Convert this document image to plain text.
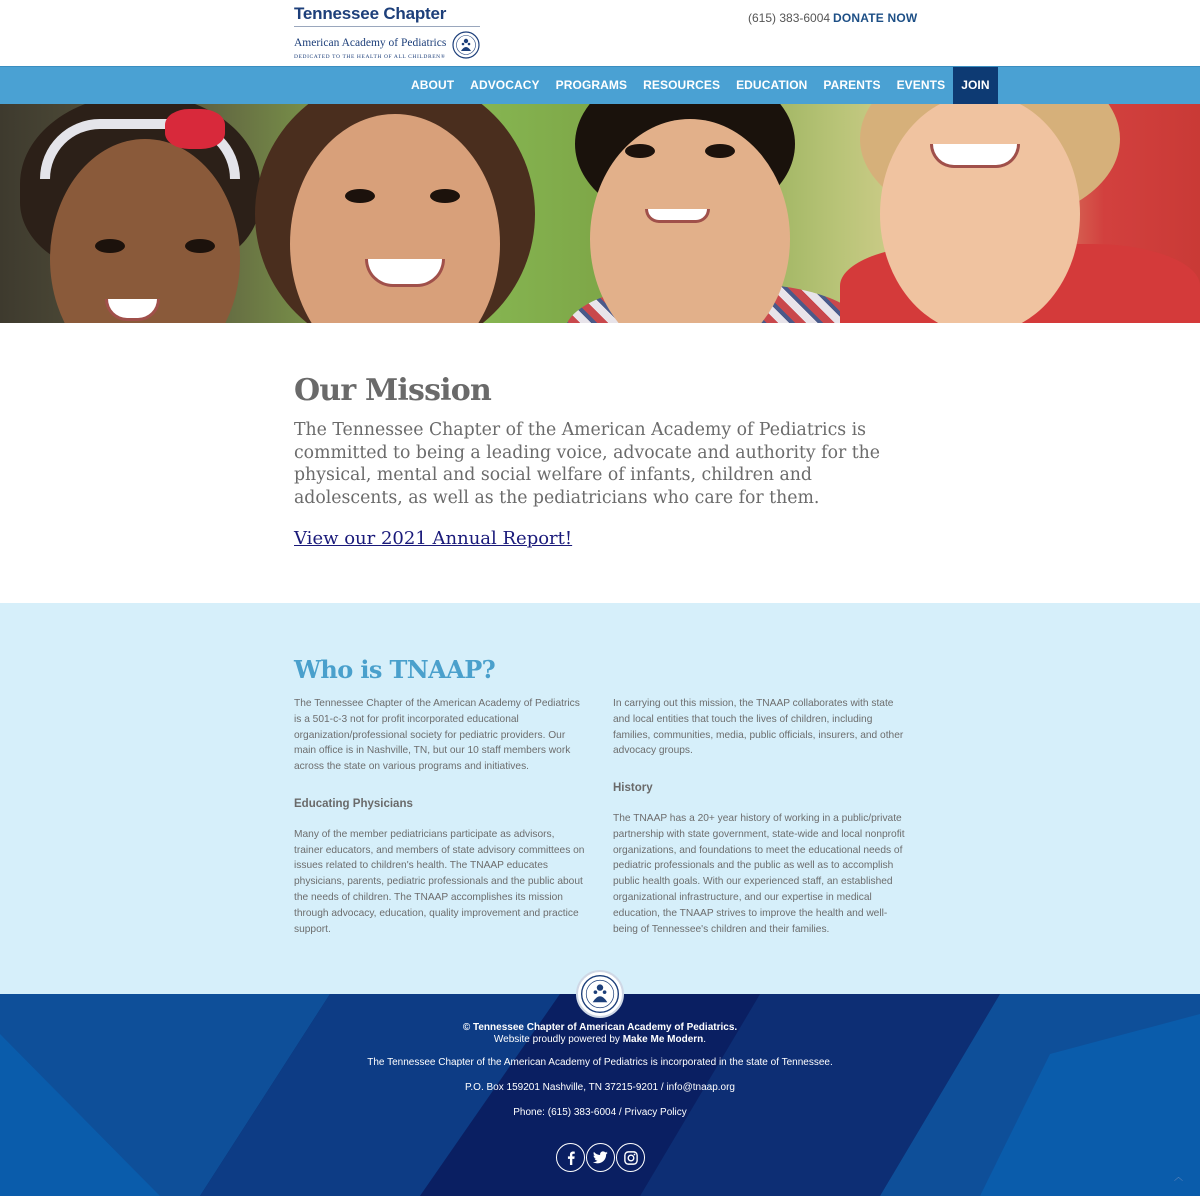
Tennessee Chapter
American Academy of Pediatrics
DEDICATED TO THE HEALTH OF ALL CHILDREN®
(615) 383-6004 DONATE NOW
ABOUT	ADVOCACY	PROGRAMS	RESOURCES	EDUCATION	PARENTS	EVENTS	JOIN
Our Mission

The Tennessee Chapter of the American Academy of Pediatrics is committed to being a leading voice, advocate and authority for the physical, mental and social welfare of infants, children and adolescents, as well as the pediatricians who care for them.

View our 2021 Annual Report!
Who is TNAAP?

The Tennessee Chapter of the American Academy of Pediatrics is a 501-c-3 not for profit incorporated educational organization/professional society for pediatric providers. Our main office is in Nashville, TN, but our 10 staff members work across the state on various programs and initiatives.

Educating Physicians

Many of the member pediatricians participate as advisors, trainer educators, and members of state advisory committees on issues related to children's health. The TNAAP educates physicians, parents, pediatric professionals and the public about the needs of children. The TNAAP accomplishes its mission through advocacy, education, quality improvement and practice support.

In carrying out this mission, the TNAAP collaborates with state and local entities that touch the lives of children, including families, communities, media, public officials, insurers, and other advocacy groups.

History

The TNAAP has a 20+ year history of working in a public/private partnership with state government, state-wide and local nonprofit organizations, and foundations to meet the educational needs of pediatric professionals and the public as well as to accomplish public health goals. With our experienced staff, an established organizational infrastructure, and our expertise in medical education, the TNAAP strives to improve the health and well-being of Tennessee's children and their families.

© Tennessee Chapter of American Academy of Pediatrics.
Website proudly powered by Make Me Modern.
The Tennessee Chapter of the American Academy of Pediatrics is incorporated in the state of Tennessee.
P.O. Box 159201 Nashville, TN 37215-9201 / info@tnaap.org
Phone: (615) 383-6004 / Privacy Policy
︿
